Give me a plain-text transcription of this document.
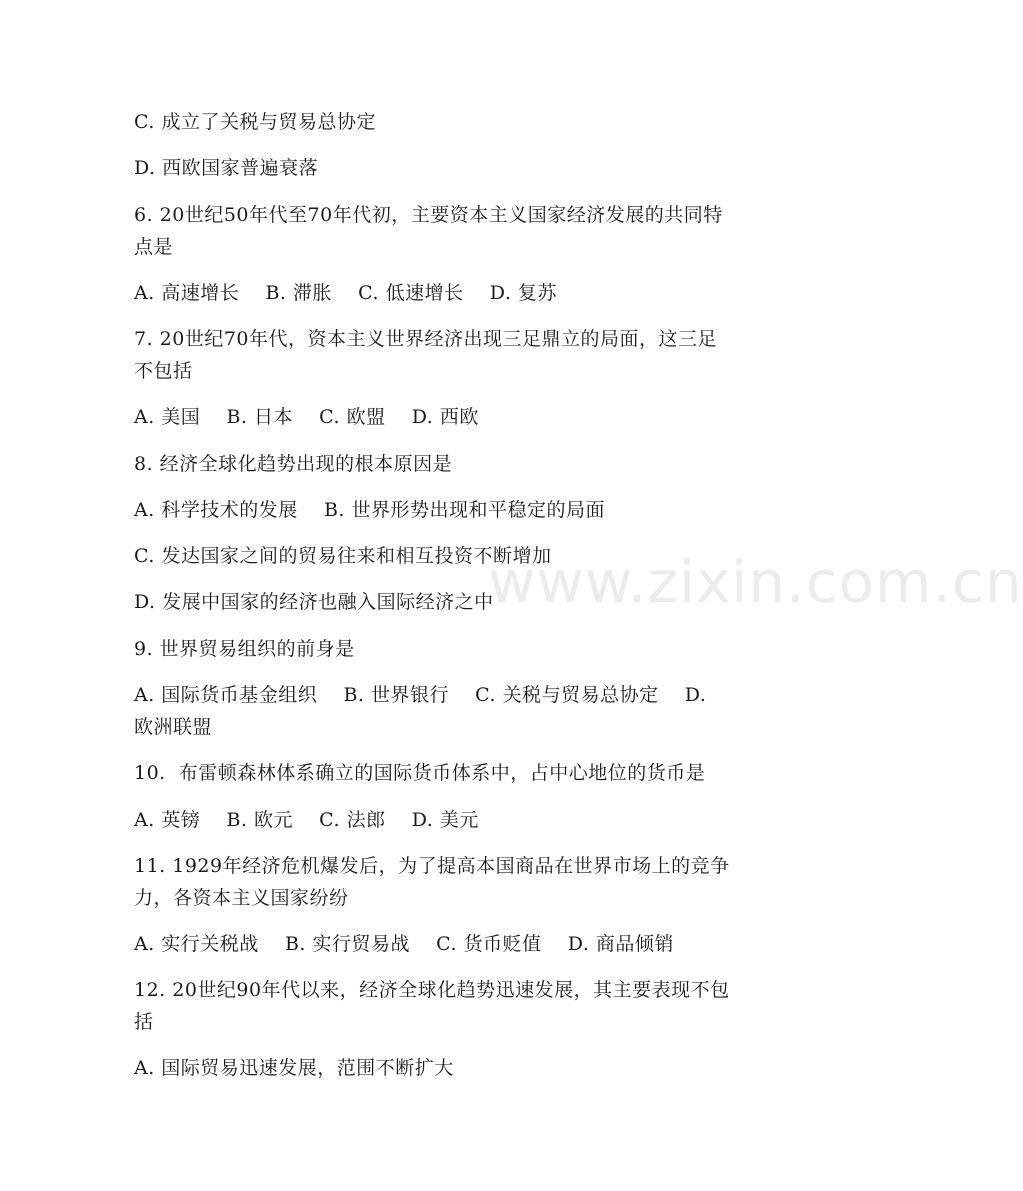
www.zixin.com.cn
C. 成立了关税与贸易总协定
D. 西欧国家普遍衰落
6. 20世纪50年代至70年代初，主要资本主义国家经济发展的共同特
点是
A. 高速增长    B. 滞胀    C. 低速增长    D. 复苏
7. 20世纪70年代，资本主义世界经济出现三足鼎立的局面，这三足
不包括
A. 美国    B. 日本    C. 欧盟    D. 西欧
8. 经济全球化趋势出现的根本原因是
A. 科学技术的发展    B. 世界形势出现和平稳定的局面
C. 发达国家之间的贸易往来和相互投资不断增加
D. 发展中国家的经济也融入国际经济之中
9. 世界贸易组织的前身是
A. 国际货币基金组织    B. 世界银行    C. 关税与贸易总协定    D.
欧洲联盟
10.  布雷顿森林体系确立的国际货币体系中，占中心地位的货币是
A. 英镑    B. 欧元    C. 法郎    D. 美元
11. 1929年经济危机爆发后，为了提高本国商品在世界市场上的竞争
力，各资本主义国家纷纷
A. 实行关税战    B. 实行贸易战    C. 货币贬值    D. 商品倾销
12. 20世纪90年代以来，经济全球化趋势迅速发展，其主要表现不包
括
A. 国际贸易迅速发展，范围不断扩大
